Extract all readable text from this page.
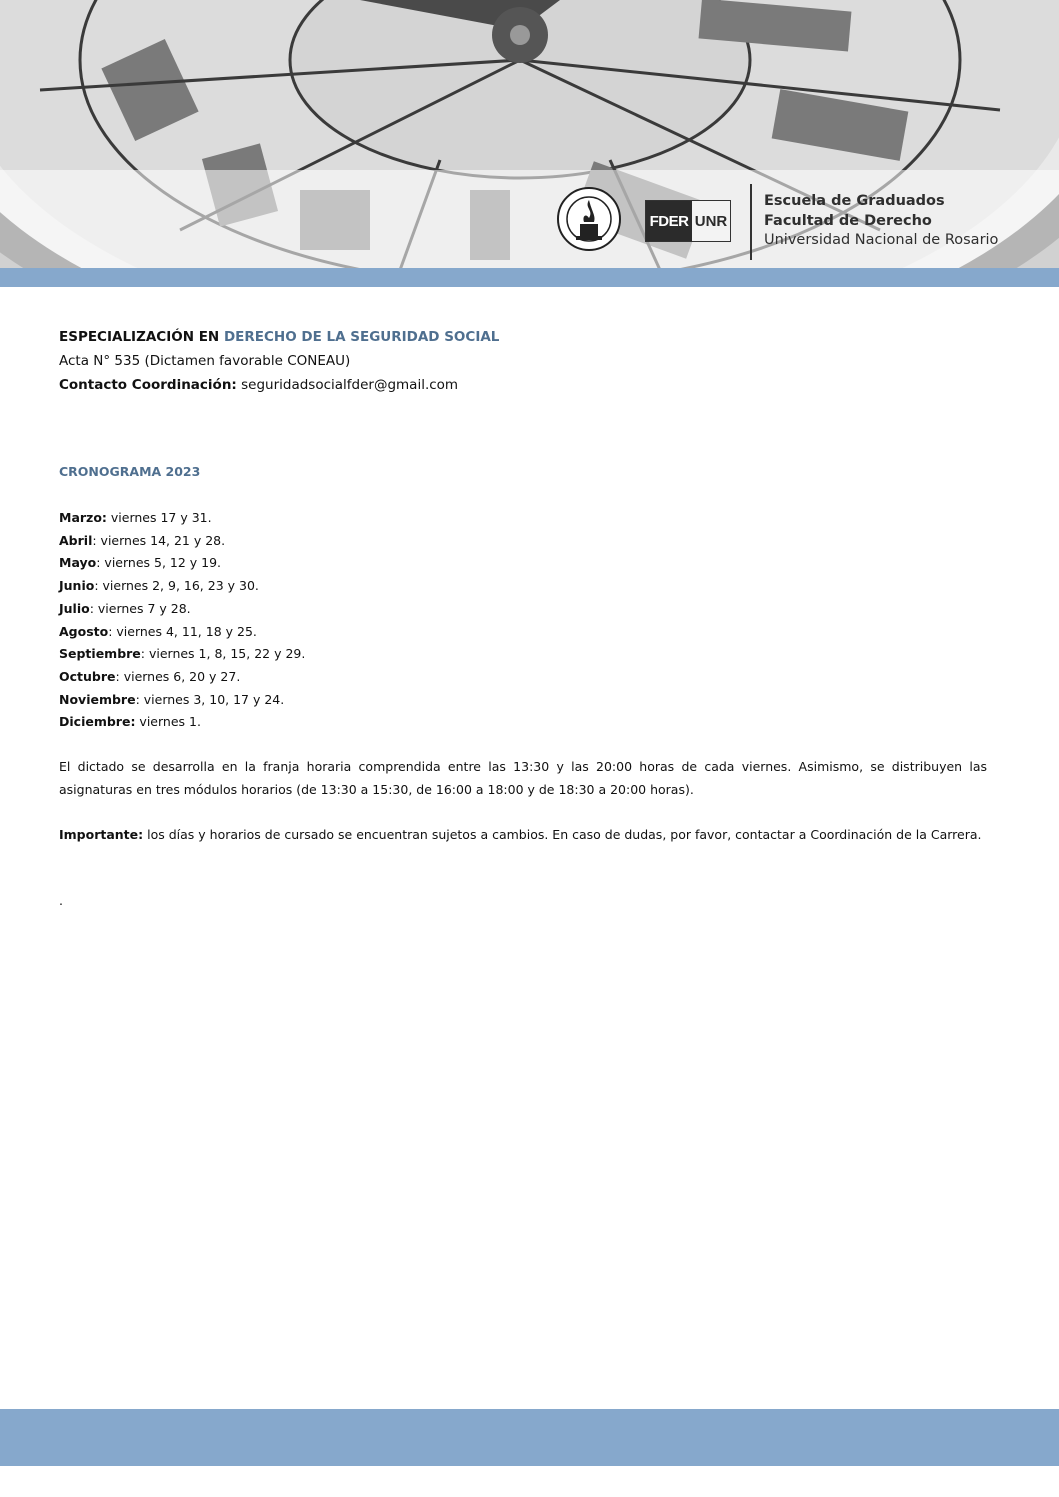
FDER UNR
Escuela de Graduados
Facultad de Derecho
Universidad Nacional de Rosario
ESPECIALIZACIÓN EN DERECHO DE LA SEGURIDAD SOCIAL
Acta N° 535 (Dictamen favorable CONEAU)
Contacto Coordinación: seguridadsocialfder@gmail.com
CRONOGRAMA 2023
Marzo: viernes 17 y 31.
Abril: viernes 14, 21 y 28.
Mayo: viernes 5, 12 y 19.
Junio: viernes 2, 9, 16, 23 y 30.
Julio: viernes 7 y 28.
Agosto: viernes 4, 11, 18 y 25.
Septiembre: viernes 1, 8, 15, 22 y 29.
Octubre: viernes 6, 20 y 27.
Noviembre: viernes 3, 10, 17 y 24.
Diciembre: viernes 1.
El dictado se desarrolla en la franja horaria comprendida entre las 13:30 y las 20:00 horas de cada viernes. Asimismo, se distribuyen las asignaturas en tres módulos horarios (de 13:30 a 15:30, de 16:00 a 18:00 y de 18:30 a 20:00 horas).
Importante: los días y horarios de cursado se encuentran sujetos a cambios. En caso de dudas, por favor, contactar a Coordinación de la Carrera.
.
